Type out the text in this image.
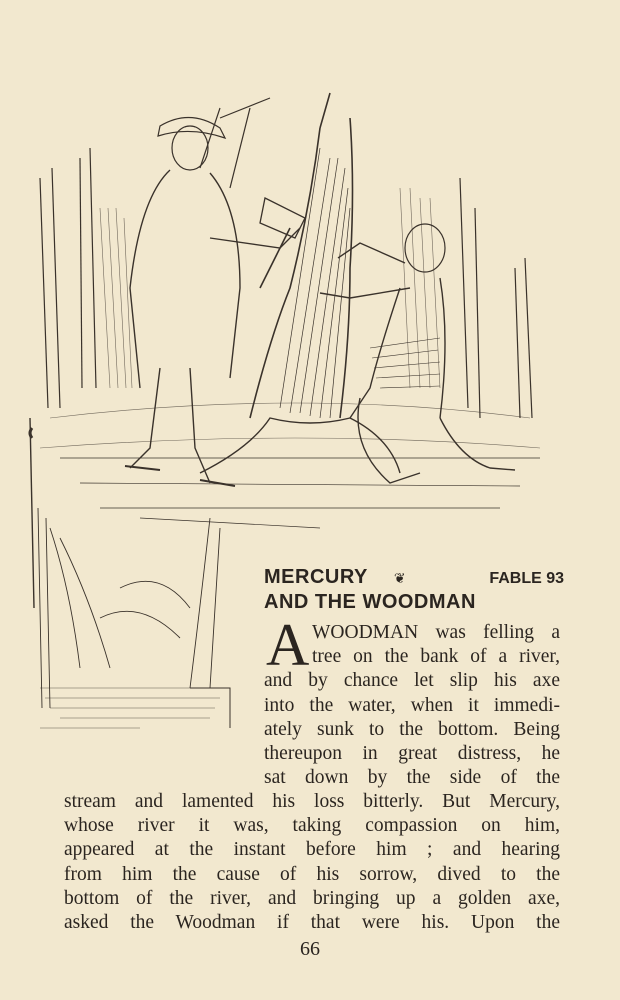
MERCURY ❦	FABLE 93
AND THE WOODMAN
A WOODMAN was felling a
tree on the bank of a river,
and by chance let slip his axe
into the water, when it immedi-
ately sunk to the bottom. Being
thereupon in great distress, he
sat down by the side of the
stream and lamented his loss bitterly. But Mercury,
whose river it was, taking compassion on him,
appeared at the instant before him ; and hearing
from him the cause of his sorrow, dived to the
bottom of the river, and bringing up a golden axe,
asked the Woodman if that were his. Upon the
66
